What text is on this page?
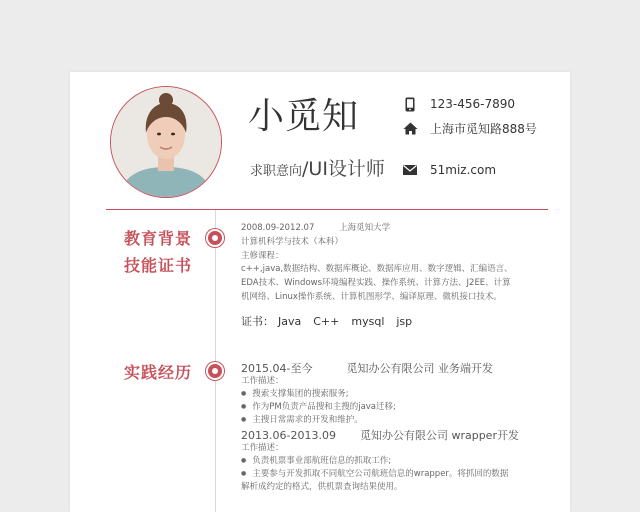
小觅知
求职意向/UI设计师
123-456-7890
上海市觅知路888号
51miz.com
教育背景
技能证书
实践经历
2008.09-2012.07	上海觅知大学
计算机科学与技术（本科）
主修课程：
c++,java,数据结构、数据库概论、数据库应用、数字逻辑、汇编语言、
EDA技术、Windows环境编程实践、操作系统、计算方法、J2EE、计算
机网络、Linux操作系统、计算机图形学、编译原理、微机接口技术。
证书： Java C++ mysql jsp
2015.04-至今	觅知办公有限公司 业务端开发
工作描述：
● 搜索支撑集团的搜索服务;
● 作为PM负责产品搜和主搜的java迁移;
● 主搜日常需求的开发和维护。
2013.06-2013.09 觅知办公有限公司 wrapper开发
工作描述：
● 负责机票事业部航班信息的抓取工作;
● 主要参与开发抓取不同航空公司航班信息的wrapper。将抓回的数据
解析成约定的格式，供机票查询结果使用。
